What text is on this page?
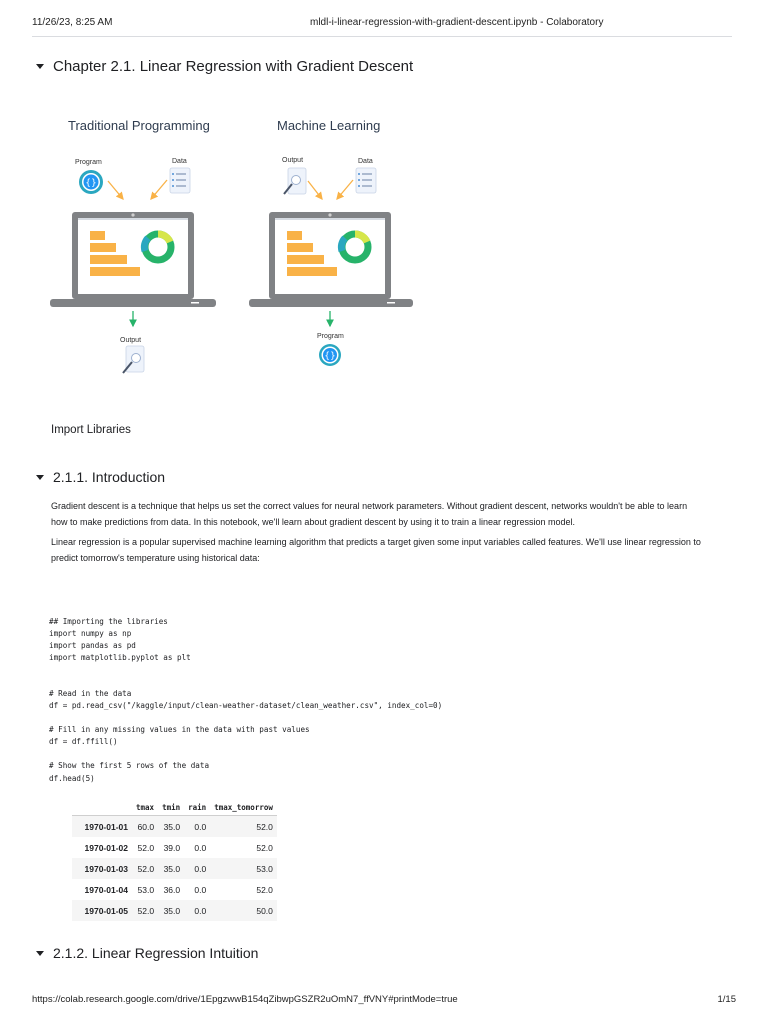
11/26/23, 8:25 AM	mldl-i-linear-regression-with-gradient-descent.ipynb - Colaboratory
Chapter 2.1. Linear Regression with Gradient Descent
Traditional Programming	Machine Learning
Program	Data
{}
Output
Output	Data
Program
{}
Import Libraries
2.1.1. Introduction

Gradient descent is a technique that helps us set the correct values for neural network parameters. Without gradient descent, networks wouldn't be able to learn how to make predictions from data. In this notebook, we'll learn about gradient descent by using it to train a linear regression model.

Linear regression is a popular supervised machine learning algorithm that predicts a target given some input variables called features. We'll use linear regression to predict tomorrow's temperature using historical data:

## Importing the libraries
import numpy as np
import pandas as pd
import matplotlib.pyplot as plt

# Read in the data
df = pd.read_csv("/kaggle/input/clean-weather-dataset/clean_weather.csv", index_col=0)
# Fill in any missing values in the data with past values
df = df.ffill()
# Show the first 5 rows of the data
df.head(5)

	tmax	tmin	rain	tmax_tomorrow
1970-01-01	60.0	35.0	0.0	52.0
1970-01-02	52.0	39.0	0.0	52.0
1970-01-03	52.0	35.0	0.0	53.0
1970-01-04	53.0	36.0	0.0	52.0
1970-01-05	52.0	35.0	0.0	50.0
2.1.2. Linear Regression Intuition
https://colab.research.google.com/drive/1EpgzwwB154qZibwpGSZR2uOmN7_ffVNY#printMode=true	1/15
